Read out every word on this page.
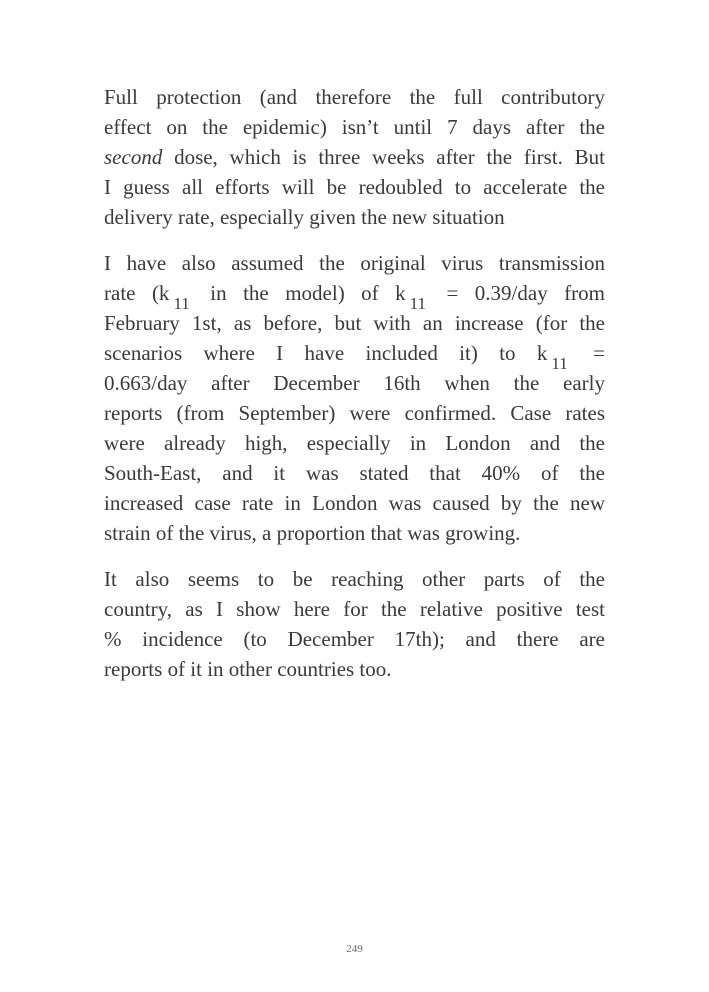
Full protection (and therefore the full contributory
effect on the epidemic) isn’t until 7 days after the
second dose, which is three weeks after the first. But
I guess all efforts will be redoubled to accelerate the
delivery rate, especially given the new situation

I have also assumed the original virus transmission
rate (k $_{11}$ in the model) of k $_{11}$ = 0.39/day from
February 1st, as before, but with an increase (for the
scenarios where I have included it) to k $_{11}$ =
0.663/day after December 16th when the early
reports (from September) were confirmed. Case rates
were already high, especially in London and the
South-East, and it was stated that 40% of the
increased case rate in London was caused by the new
strain of the virus, a proportion that was growing.

It also seems to be reaching other parts of the
country, as I show here for the relative positive test
% incidence (to December 17th); and there are
reports of it in other countries too.

249
